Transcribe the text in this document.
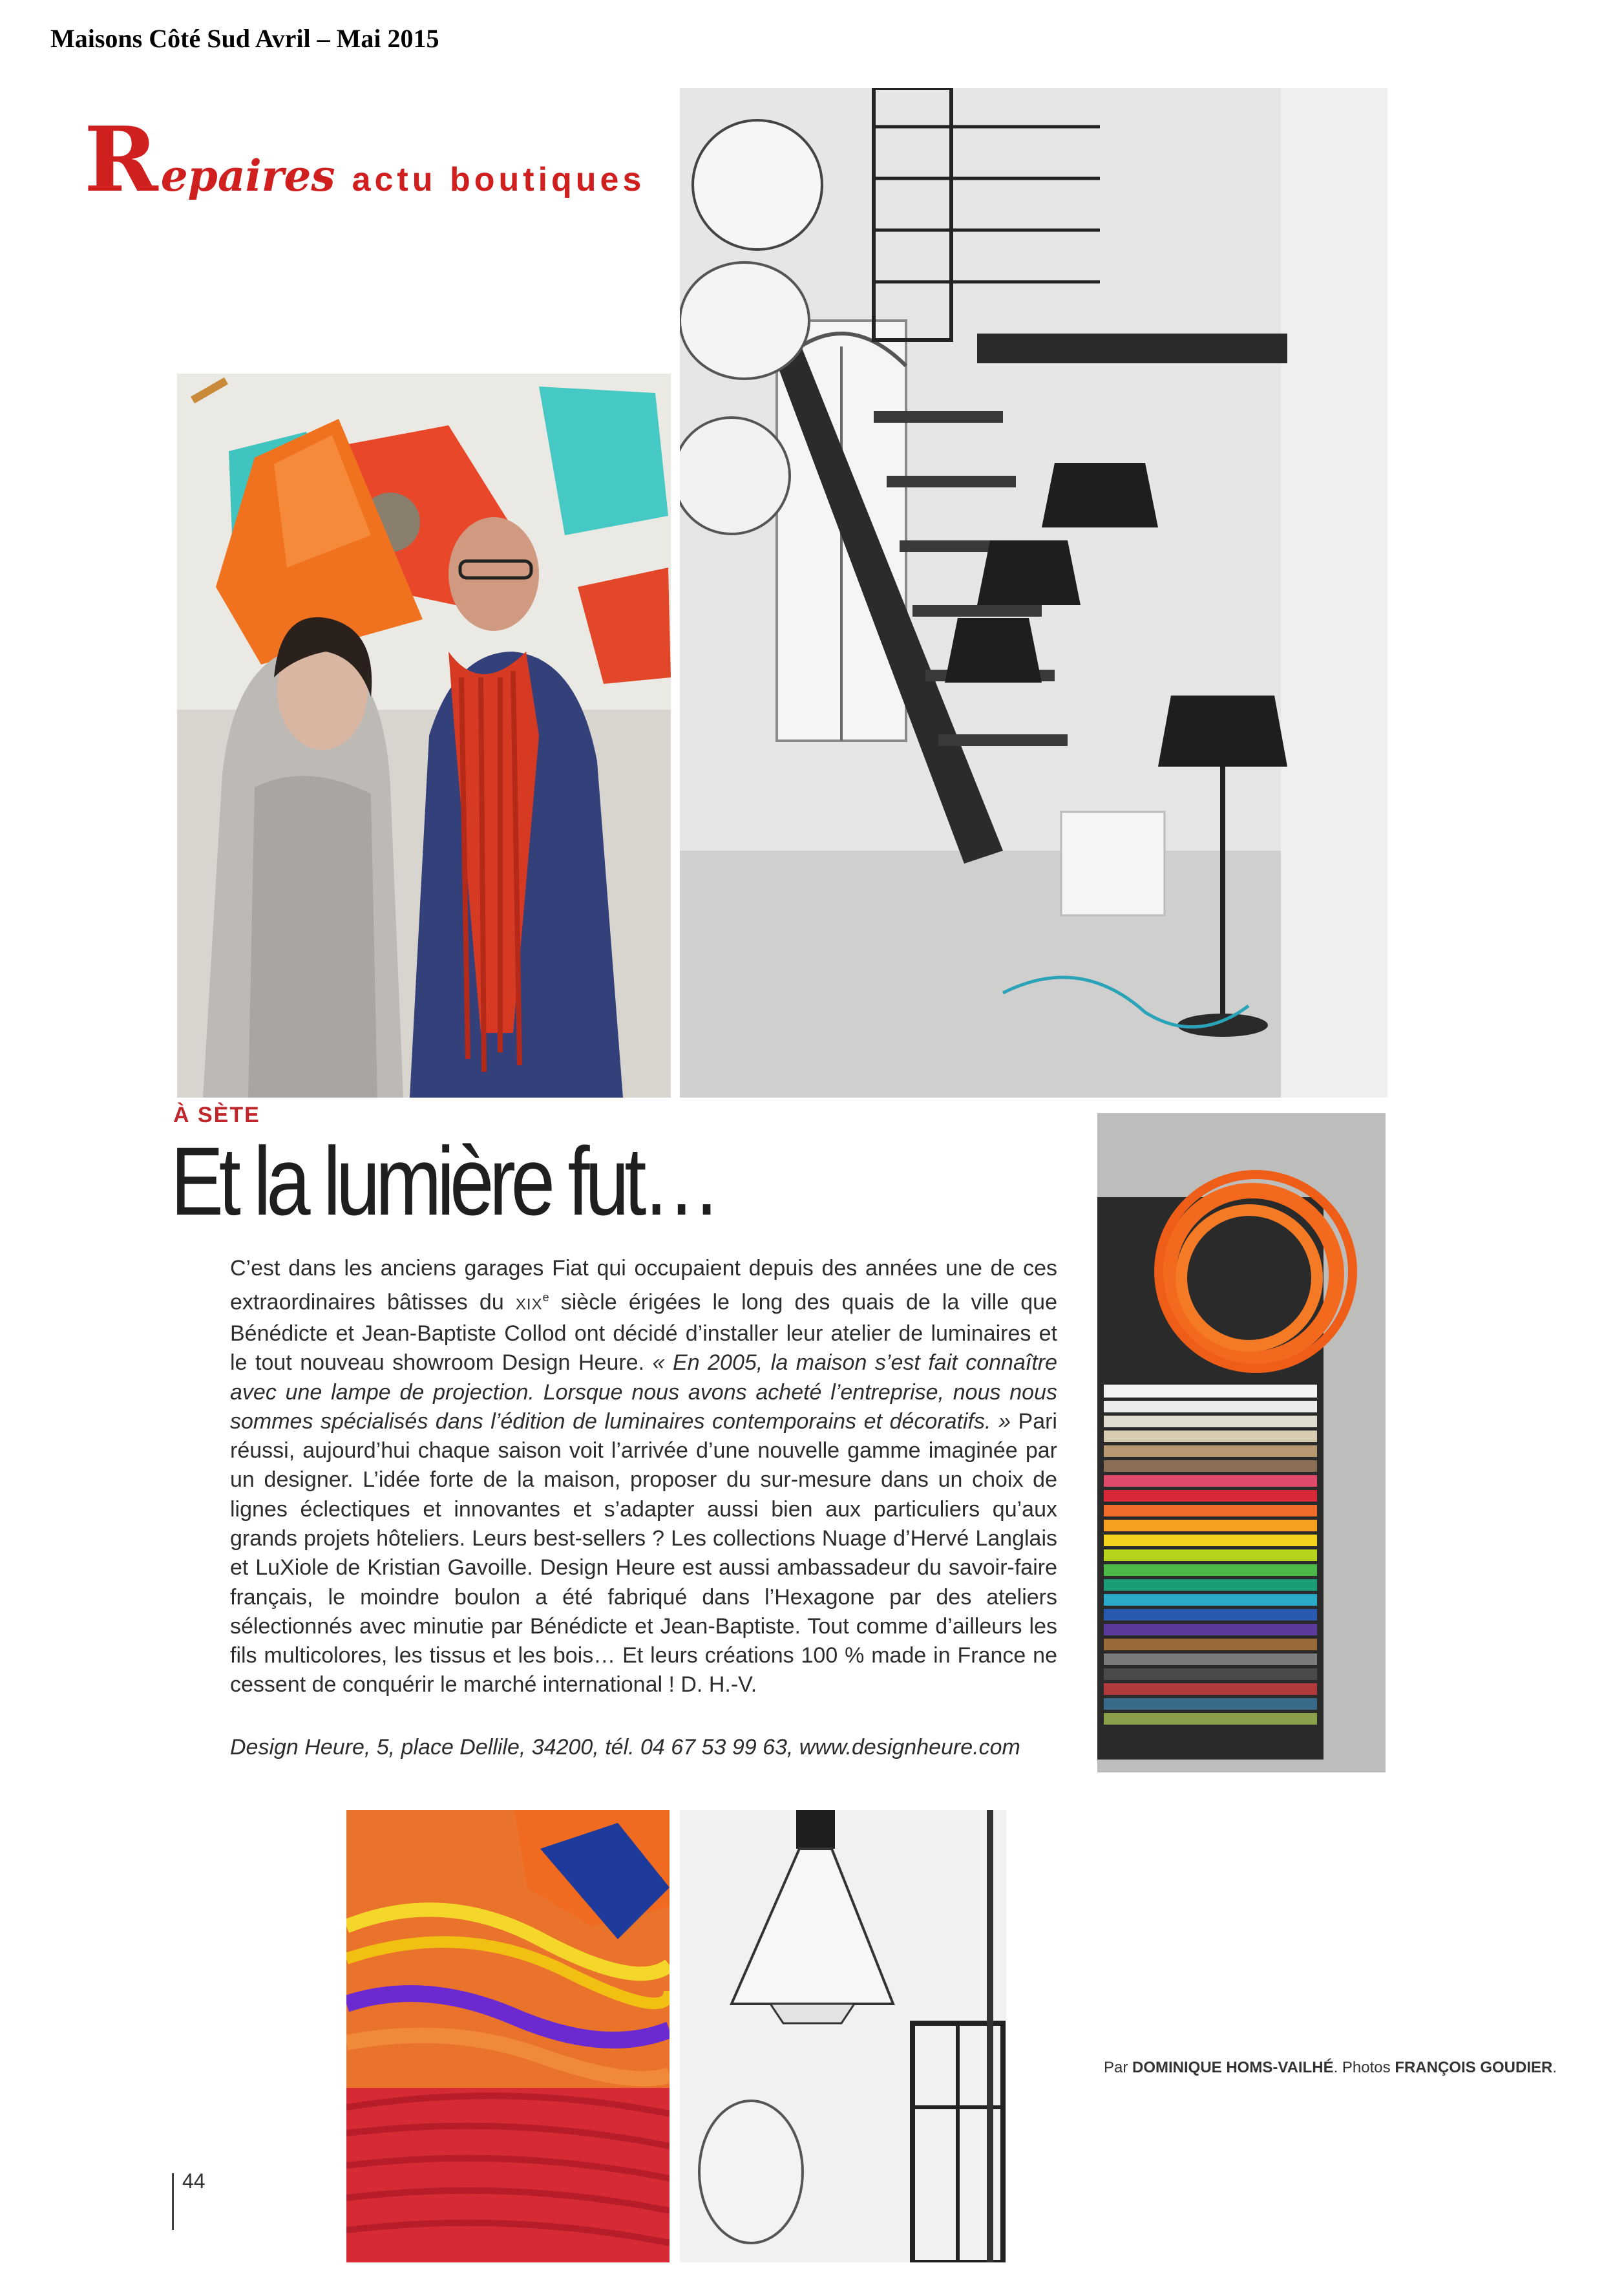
Maisons Côté Sud Avril – Mai 2015
R epaires actu boutiques
À SÈTE
Et la lumière fut…

C’est dans les anciens garages Fiat qui occupaient depuis des années une de ces extraordinaires bâtisses du XIXe siècle érigées le long des quais de la ville que Bénédicte et Jean-Baptiste Collod ont décidé d’installer leur atelier de luminaires et le tout nouveau showroom Design Heure. « En 2005, la maison s’est fait connaître avec une lampe de projection. Lorsque nous avons acheté l’entreprise, nous nous sommes spécialisés dans l’édition de luminaires contemporains et décoratifs. » Pari réussi, aujourd’hui chaque saison voit l’arrivée d’une nouvelle gamme imaginée par un designer. L’idée forte de la maison, proposer du sur-mesure dans un choix de lignes éclectiques et innovantes et s’adapter aussi bien aux particuliers qu’aux grands projets hôteliers. Leurs best-sellers ? Les collections Nuage d’Hervé Langlais et LuXiole de Kristian Gavoille. Design Heure est aussi ambassadeur du savoir-faire français, le moindre boulon a été fabriqué dans l’Hexagone par des ateliers sélectionnés avec minutie par Bénédicte et Jean-Baptiste. Tout comme d’ailleurs les fils multicolores, les tissus et les bois… Et leurs créations 100 % made in France ne cessent de conquérir le marché international ! D. H.-V.

Design Heure, 5, place Dellile, 34200, tél. 04 67 53 99 63, www.designheure.com
Par DOMINIQUE HOMS-VAILHÉ. Photos FRANÇOIS GOUDIER.
44
